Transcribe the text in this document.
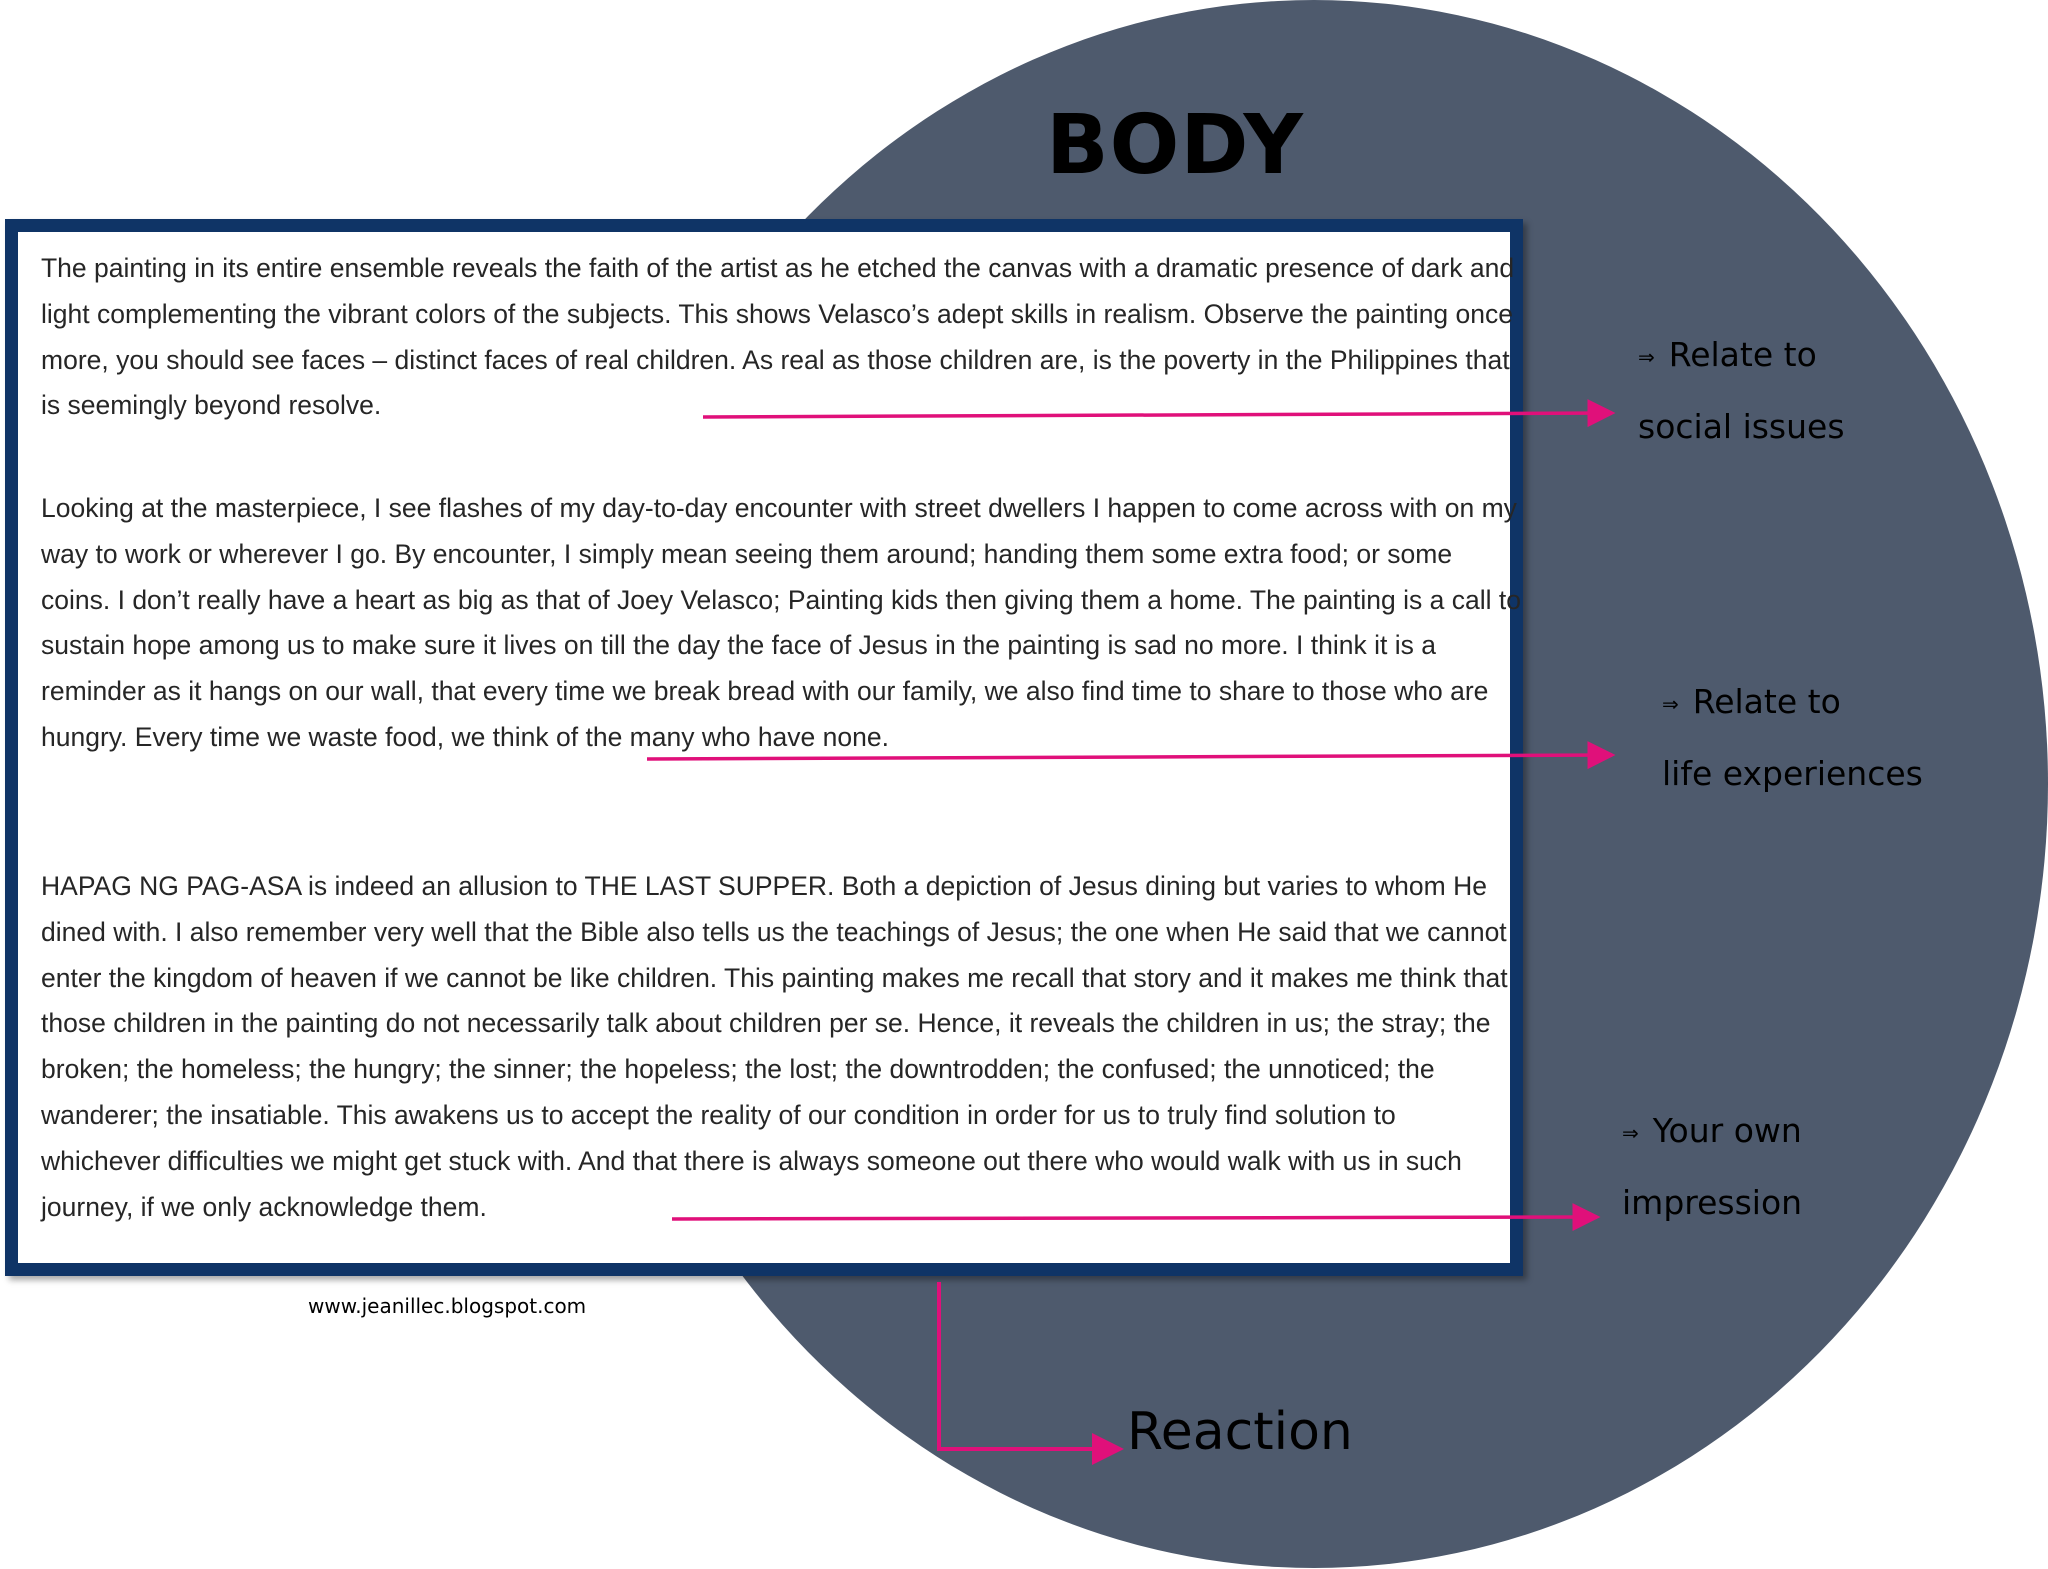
BODY

The painting in its entire ensemble reveals the faith of the artist as he etched the canvas with a dramatic presence of dark and light complementing the vibrant colors of the subjects. This shows Velasco’s adept skills in realism. Observe the painting once more, you should see faces – distinct faces of real children. As real as those children are, is the poverty in the Philippines that is seemingly beyond resolve.

Looking at the masterpiece, I see flashes of my day-to-day encounter with street dwellers I happen to come across with on my way to work or wherever I go. By encounter, I simply mean seeing them around; handing them some extra food; or some coins. I don’t really have a heart as big as that of Joey Velasco; Painting kids then giving them a home. The painting is a call to sustain hope among us to make sure it lives on till the day the face of Jesus in the painting is sad no more. I think it is a reminder as it hangs on our wall, that every time we break bread with our family, we also find time to share to those who are hungry. Every time we waste food, we think of the many who have none.

HAPAG NG PAG-ASA is indeed an allusion to THE LAST SUPPER. Both a depiction of Jesus dining but varies to whom He dined with. I also remember very well that the Bible also tells us the teachings of Jesus; the one when He said that we cannot enter the kingdom of heaven if we cannot be like children. This painting makes me recall that story and it makes me think that those children in the painting do not necessarily talk about children per se. Hence, it reveals the children in us; the stray; the broken; the homeless; the hungry; the sinner; the hopeless; the lost; the downtrodden; the confused; the unnoticed; the wanderer; the insatiable. This awakens us to accept the reality of our condition in order for us to truly find solution to whichever difficulties we might get stuck with. And that there is always someone out there who would walk with us in such journey, if we only acknowledge them.

www.jeanillec.blogspot.com
⇒ Relate to
social issues
⇒ Relate to
life experiences
⇒ Your own
impression
Reaction
